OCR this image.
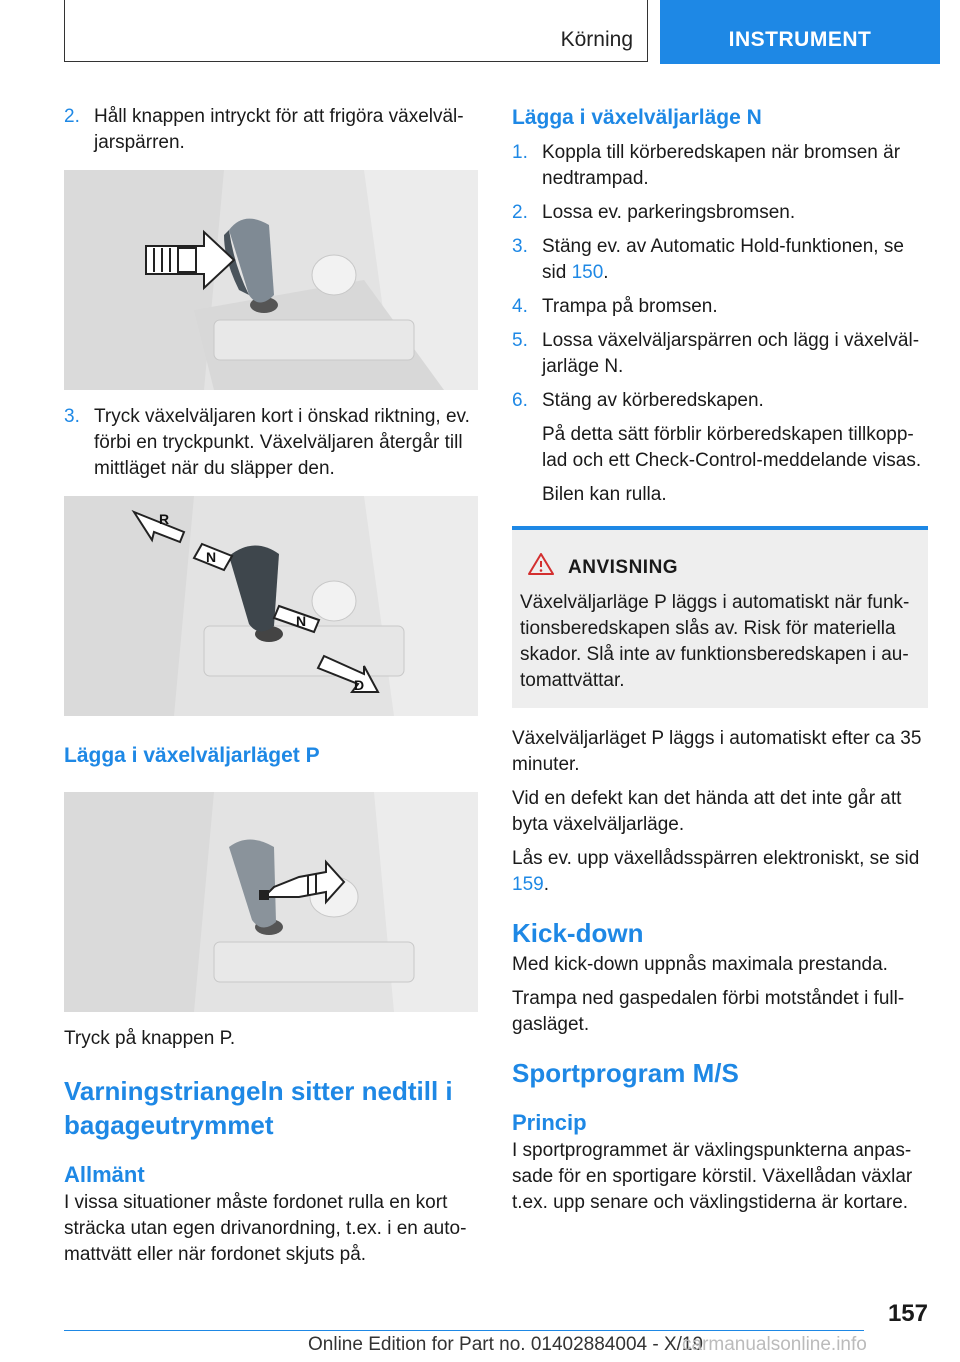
Körning	INSTRUMENT
2. Håll knappen intryckt för att frigöra växelväl-jarspärren.
3. Tryck växelväljaren kort i önskad riktning, ev. förbi en tryckpunkt. Växelväljaren återgår till mittläget när du släpper den.
R
N
N
D
Lägga i växelväljarläget P

Tryck på knappen P.

Varningstriangeln sitter nedtill i bagageutrymmet
Allmänt

I vissa situationer måste fordonet rulla en kort sträcka utan egen drivanordning, t.ex. i en auto-mattvätt eller när fordonet skjuts på.

Lägga i växelväljarläge N
1. Koppla till körberedskapen när bromsen är nedtrampad.
2. Lossa ev. parkeringsbromsen.
3. Stäng ev. av Automatic Hold-funktionen, se sid 150.
4. Trampa på bromsen.
5. Lossa växelväljarspärren och lägg i växelväl-jarläge N.
6. Stäng av körberedskapen.
På detta sätt förblir körberedskapen tillkopp-lad och ett Check-Control-meddelande visas.
Bilen kan rulla.
ANVISNING
Växelväljarläge P läggs i automatiskt när funk-tionsberedskapen slås av. Risk för materiella skador. Slå inte av funktionsberedskapen i au-tomattvättar.

Växelväljarläget P läggs i automatiskt efter ca 35 minuter.

Vid en defekt kan det hända att det inte går att byta växelväljarläge.

Lås ev. upp växellådsspärren elektroniskt, se sid 159.

Kick-down

Med kick-down uppnås maximala prestanda.

Trampa ned gaspedalen förbi motståndet i full-gasläget.

Sportprogram M/S
Princip

I sportprogrammet är växlingspunkterna anpas-sade för en sportigare körstil. Växellådan växlar t.ex. upp senare och växlingstiderna är kortare.

157
Online Edition for Part no. 01402884004 - X/19
carmanualsonline.info
